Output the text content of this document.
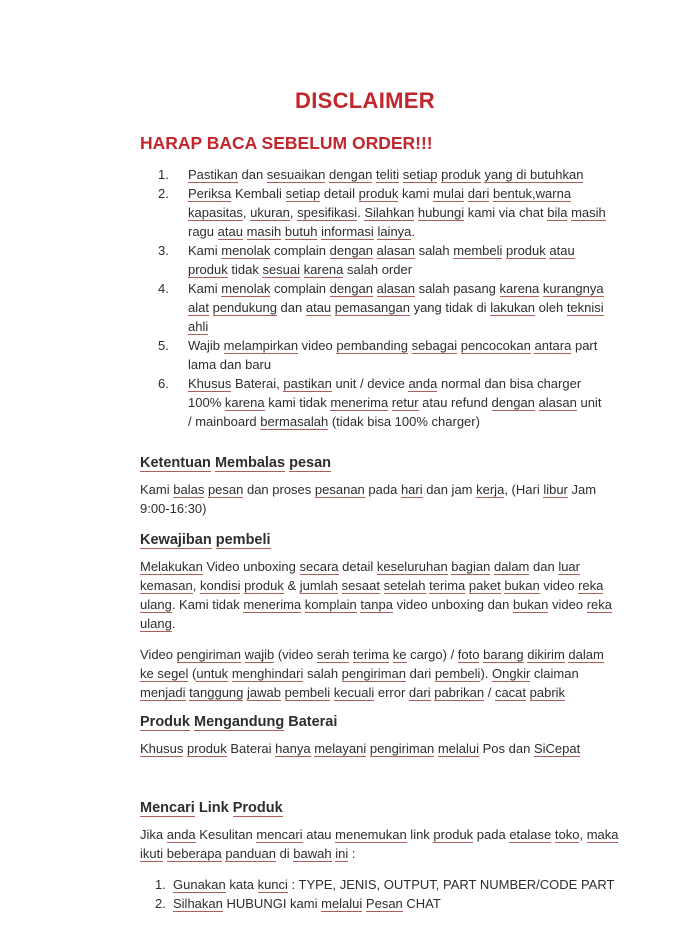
DISCLAIMER
HARAP BACA SEBELUM ORDER!!!
1.	Pastikan dan sesuaikan dengan teliti setiap produk yang di butuhkan
2.	Periksa Kembali setiap detail produk kami mulai dari bentuk,warna
kapasitas, ukuran, spesifikasi. Silahkan hubungi kami via chat bila masih
ragu atau masih butuh informasi lainya.
3.	Kami menolak complain dengan alasan salah membeli produk atau
produk tidak sesuai karena salah order
4.	Kami menolak complain dengan alasan salah pasang karena kurangnya
alat pendukung dan atau pemasangan yang tidak di lakukan oleh teknisi
ahli
5.	Wajib melampirkan video pembanding sebagai pencocokan antara part
lama dan baru
6.	Khusus Baterai, pastikan unit / device anda normal dan bisa charger
100% karena kami tidak menerima retur atau refund dengan alasan unit
/ mainboard bermasalah (tidak bisa 100% charger)
Ketentuan Membalas pesan
Kami balas pesan dan proses pesanan pada hari dan jam kerja, (Hari libur Jam
9:00-16:30)
Kewajiban pembeli
Melakukan Video unboxing secara detail keseluruhan bagian dalam dan luar
kemasan, kondisi produk & jumlah sesaat setelah terima paket bukan video reka
ulang. Kami tidak menerima komplain tanpa video unboxing dan bukan video reka
ulang.
Video pengiriman wajib (video serah terima ke cargo) / foto barang dikirim dalam
ke segel (untuk menghindari salah pengiriman dari pembeli). Ongkir claiman
menjadi tanggung jawab pembeli kecuali error dari pabrikan / cacat pabrik
Produk Mengandung Baterai
Khusus produk Baterai hanya melayani pengiriman melalui Pos dan SiCepat
Mencari Link Produk
Jika anda Kesulitan mencari atau menemukan link produk pada etalase toko, maka
ikuti beberapa panduan di bawah ini :
1. Gunakan kata kunci : TYPE, JENIS, OUTPUT, PART NUMBER/CODE PART
2. Silhakan HUBUNGI kami melalui Pesan CHAT
